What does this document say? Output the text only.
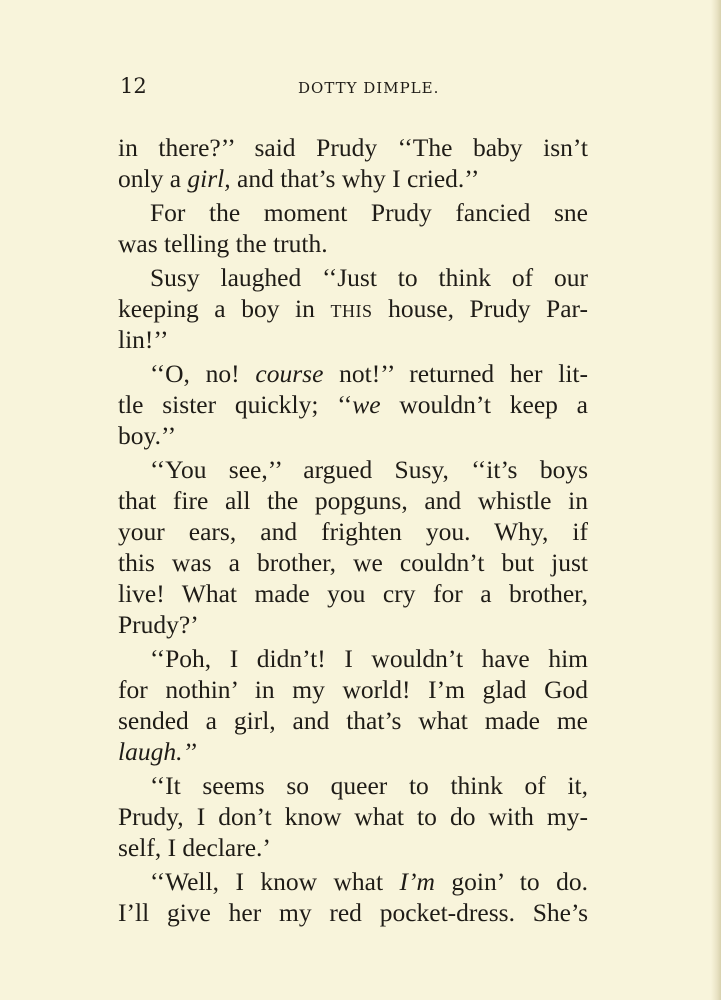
12	DOTTY DIMPLE.
in there?’’ said Prudy ‘‘The baby isn’t
only a girl, and that’s why I cried.’’
For the moment Prudy fancied sne
was telling the truth.
Susy laughed ‘‘Just to think of our
keeping a boy in this house, Prudy Par-
lin!’’
‘‘O, no! course not!’’ returned her lit-
tle sister quickly; ‘‘we wouldn’t keep a
boy.’’
‘‘You see,’’ argued Susy, ‘‘it’s boys
that fire all the popguns, and whistle in
your ears, and frighten you. Why, if
this was a brother, we couldn’t but just
live! What made you cry for a brother,
Prudy?’
‘‘Poh, I didn’t! I wouldn’t have him
for nothin’ in my world! I’m glad God
sended a girl, and that’s what made me
laugh.’’
‘‘It seems so queer to think of it,
Prudy, I don’t know what to do with my-
self, I declare.’
‘‘Well, I know what I’m goin’ to do.
I’ll give her my red pocket-dress. She’s
